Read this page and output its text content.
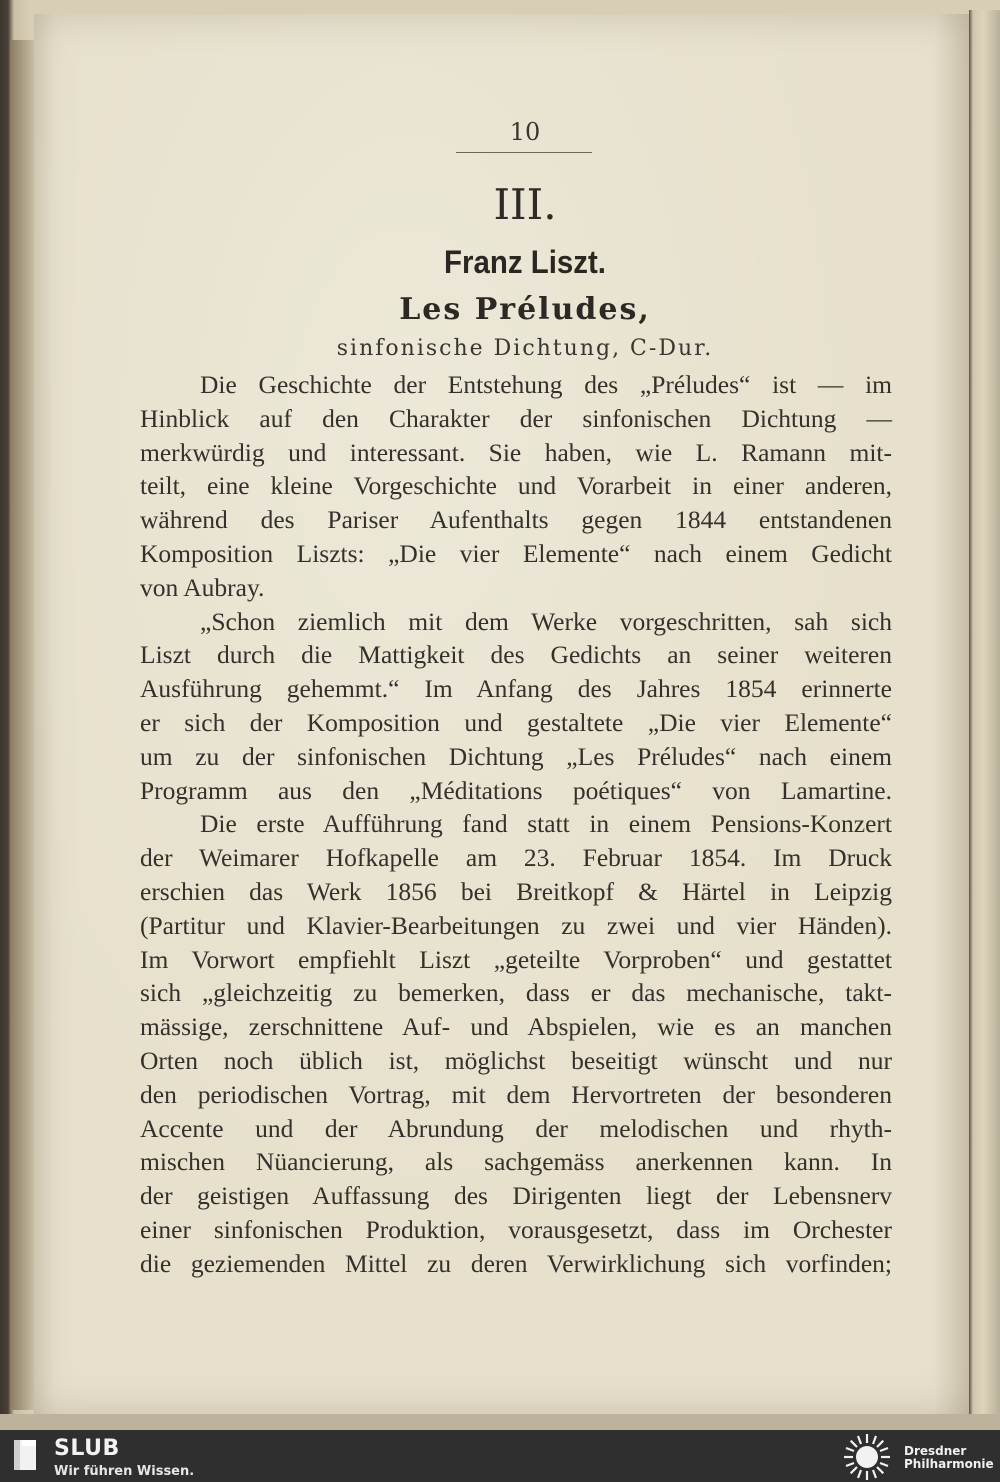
10
III.
Franz Liszt.
Les Préludes,
sinfonische Dichtung, C-Dur.
Die Geschichte der Entstehung des „Préludes“ ist — im
Hinblick auf den Charakter der sinfonischen Dichtung —
merkwürdig und interessant. Sie haben, wie L. Ramann mit-
teilt, eine kleine Vorgeschichte und Vorarbeit in einer anderen,
während des Pariser Aufenthalts gegen 1844 entstandenen
Komposition Liszts: „Die vier Elemente“ nach einem Gedicht
von Aubray.
„Schon ziemlich mit dem Werke vorgeschritten, sah sich
Liszt durch die Mattigkeit des Gedichts an seiner weiteren
Ausführung gehemmt.“ Im Anfang des Jahres 1854 erinnerte
er sich der Komposition und gestaltete „Die vier Elemente“
um zu der sinfonischen Dichtung „Les Préludes“ nach einem
Programm aus den „Méditations poétiques“ von Lamartine.
Die erste Aufführung fand statt in einem Pensions-Konzert
der Weimarer Hofkapelle am 23. Februar 1854. Im Druck
erschien das Werk 1856 bei Breitkopf & Härtel in Leipzig
(Partitur und Klavier-Bearbeitungen zu zwei und vier Händen).
Im Vorwort empfiehlt Liszt „geteilte Vorproben“ und gestattet
sich „gleichzeitig zu bemerken, dass er das mechanische, takt-
mässige, zerschnittene Auf- und Abspielen, wie es an manchen
Orten noch üblich ist, möglichst beseitigt wünscht und nur
den periodischen Vortrag, mit dem Hervortreten der besonderen
Accente und der Abrundung der melodischen und rhyth-
mischen Nüancierung, als sachgemäss anerkennen kann. In
der geistigen Auffassung des Dirigenten liegt der Lebensnerv
einer sinfonischen Produktion, vorausgesetzt, dass im Orchester
die geziemenden Mittel zu deren Verwirklichung sich vorfinden;
SLUB
Wir führen Wissen.
Dresdner
Philharmonie
